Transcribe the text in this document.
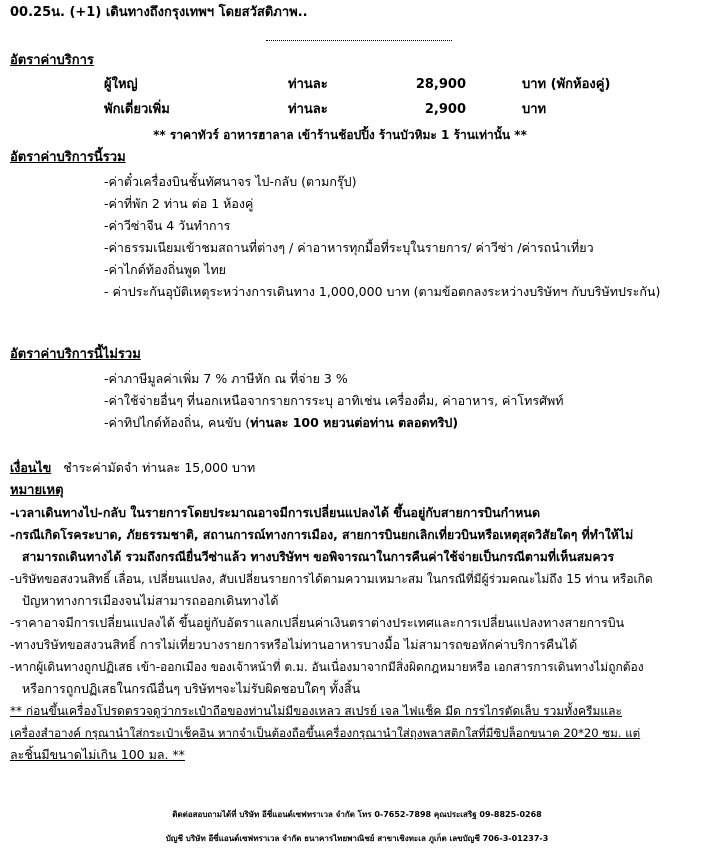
00.25น. (+1) เดินทางถึงกรุงเทพฯ โดยสวัสดิภาพ..
อัตราค่าบริการ
ผู้ใหญ่	ท่านละ	28,900	บาท (พักห้องคู่)
พักเดี่ยวเพิ่ม	ท่านละ	2,900	บาท
** ราคาทัวร์ อาหารฮาลาล เข้าร้านช้อปปิ้ง ร้านบัวหิมะ 1 ร้านเท่านั้น **
อัตราค่าบริการนี้รวม
-ค่าตั๋วเครื่องบินชั้นทัศนาจร ไป-กลับ (ตามกรุ๊ป)
-ค่าที่พัก 2 ท่าน ต่อ 1 ห้องคู่
-ค่าวีซ่าจีน 4 วันทำการ
-ค่าธรรมเนียมเข้าชมสถานที่ต่างๆ / ค่าอาหารทุกมื้อที่ระบุในรายการ/ ค่าวีซ่า /ค่ารถนำเที่ยว
-ค่าไกด์ท้องถิ่นพูด ไทย
- ค่าประกันอุบัติเหตุระหว่างการเดินทาง 1,000,000 บาท (ตามข้อตกลงระหว่างบริษัทฯ กับบริษัทประกัน)
อัตราค่าบริการนี้ไม่รวม
-ค่าภาษีมูลค่าเพิ่ม 7 % ภาษีหัก ณ ที่จ่าย 3 %
-ค่าใช้จ่ายอื่นๆ ที่นอกเหนือจากรายการระบุ อาทิเช่น เครื่องดื่ม, ค่าอาหาร, ค่าโทรศัพท์
-ค่าทิปไกด์ท้องถิ่น, คนขับ (ท่านละ 100 หยวนต่อท่าน ตลอดทริป)
เงื่อนไข ชำระค่ามัดจำ ท่านละ 15,000 บาท
หมายเหตุ
-เวลาเดินทางไป-กลับ ในรายการโดยประมาณอาจมีการเปลี่ยนแปลงได้ ขึ้นอยู่กับสายการบินกำหนด
-กรณีเกิดโรคระบาด, ภัยธรรมชาติ, สถานการณ์ทางการเมือง, สายการบินยกเลิกเที่ยวบินหรือเหตุสุดวิสัยใดๆ ที่ทำให้ไม่
สามารถเดินทางได้ รวมถึงกรณียื่นวีซ่าแล้ว ทางบริษัทฯ ขอพิจารณาในการคืนค่าใช้จ่ายเป็นกรณีตามที่เห็นสมควร
-บริษัทขอสงวนสิทธิ์ เลื่อน, เปลี่ยนแปลง, สับเปลี่ยนรายการได้ตามความเหมาะสม ในกรณีที่มีผู้ร่วมคณะไม่ถึง 15 ท่าน หรือเกิด
ปัญหาทางการเมืองจนไม่สามารถออกเดินทางได้
-ราคาอาจมีการเปลี่ยนแปลงได้ ขึ้นอยู่กับอัตราแลกเปลี่ยนค่าเงินตราต่างประเทศและการเปลี่ยนแปลงทางสายการบิน
-ทางบริษัทขอสงวนสิทธิ์ การไม่เที่ยวบางรายการหรือไม่ทานอาหารบางมื้อ ไม่สามารถขอหักค่าบริการคืนได้
-หากผู้เดินทางถูกปฏิเสธ เข้า-ออกเมือง ของเจ้าหน้าที่ ต.ม. อันเนื่องมาจากมีสิ่งผิดกฎหมายหรือ เอกสารการเดินทางไม่ถูกต้อง
หรือการถูกปฏิเสธในกรณีอื่นๆ บริษัทฯจะไม่รับผิดชอบใดๆ ทั้งสิ้น
** ก่อนขึ้นเครื่องโปรดตรวจดูว่ากระเป๋าถือของท่านไม่มีของเหลว สเปรย์ เจล ไฟแช็ค มีด กรรไกรตัดเล็บ รวมทั้งครีมและ
เครื่องสำอางค์ กรุณานำใส่กระเป๋าเช็คอิน หากจำเป็นต้องถือขึ้นเครื่องกรุณานำใส่ถุงพลาสติกใสที่มีซิปล็อกขนาด 20*20 ซม. แต่
ละชิ้นมีขนาดไม่เกิน 100 มล. **
ติดต่อสอบถามได้ที่ บริษัท อีซี่แอนด์เซฟทราเวล จำกัด โทร 0-7652-7898 คุณประเสริฐ 09-8825-0268
บัญชี บริษัท อีซี่แอนด์เซฟทราเวล จำกัด ธนาคารไทยพาณิชย์ สาขาเชิงทะเล ภูเก็ต เลขบัญชี 706-3-01237-3
